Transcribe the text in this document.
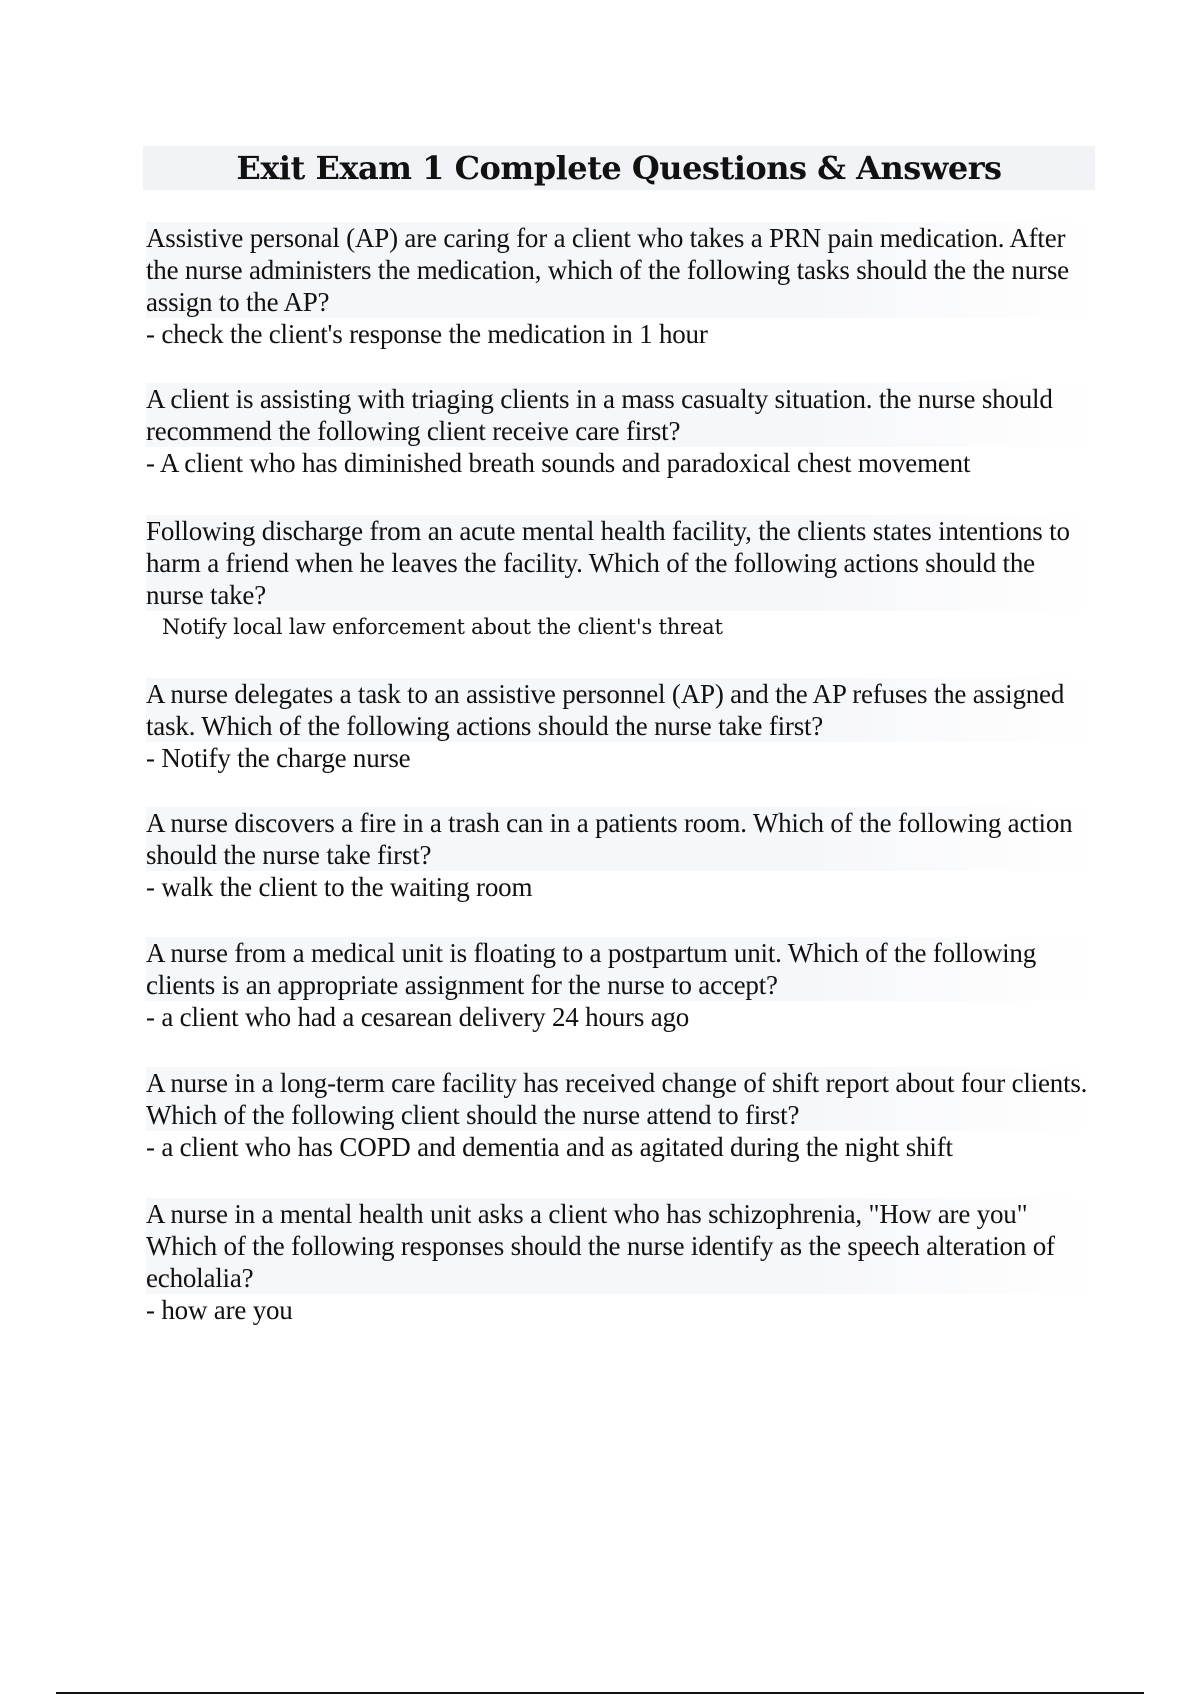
Exit Exam 1 Complete Questions & Answers

Assistive personal (AP) are caring for a client who takes a PRN pain medication. After the nurse administers the medication, which of the following tasks should the the nurse assign to the AP?

- check the client's response the medication in 1 hour

A client is assisting with triaging clients in a mass casualty situation. the nurse should recommend the following client receive care first?

- A client who has diminished breath sounds and paradoxical chest movement

Following discharge from an acute mental health facility, the clients states intentions to harm a friend when he leaves the facility. Which of the following actions should the nurse take?

Notify local law enforcement about the client's threat

A nurse delegates a task to an assistive personnel (AP) and the AP refuses the assigned task. Which of the following actions should the nurse take first?

- Notify the charge nurse

A nurse discovers a fire in a trash can in a patients room. Which of the following action should the nurse take first?

- walk the client to the waiting room

A nurse from a medical unit is floating to a postpartum unit. Which of the following clients is an appropriate assignment for the nurse to accept?

- a client who had a cesarean delivery 24 hours ago

A nurse in a long-term care facility has received change of shift report about four clients. Which of the following client should the nurse attend to first?

- a client who has COPD and dementia and as agitated during the night shift

A nurse in a mental health unit asks a client who has schizophrenia, "How are you" Which of the following responses should the nurse identify as the speech alteration of echolalia?

- how are you
